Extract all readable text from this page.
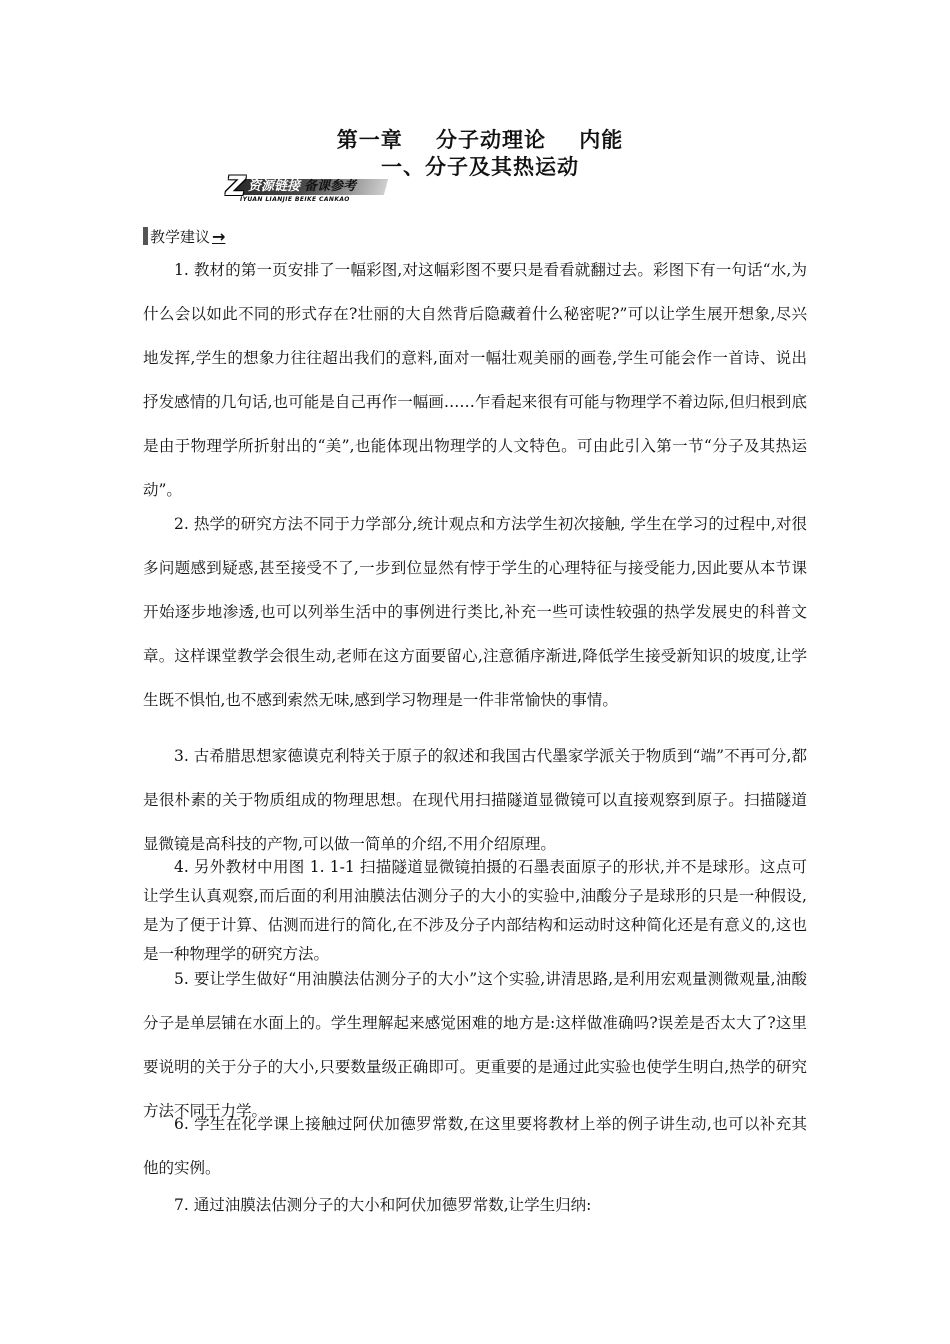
第一章    分子动理论    内能
一、分子及其热运动
Z 资源链接 备课参考
IYUAN LIANJIE BEIKE CANKAO
教学建议 →

1. 教材的第一页安排了一幅彩图,对这幅彩图不要只是看看就翻过去。彩图下有一句话“水,为什么会以如此不同的形式存在?壮丽的大自然背后隐藏着什么秘密呢?”可以让学生展开想象,尽兴地发挥,学生的想象力往往超出我们的意料,面对一幅壮观美丽的画卷,学生可能会作一首诗、说出抒发感情的几句话,也可能是自己再作一幅画……乍看起来很有可能与物理学不着边际,但归根到底是由于物理学所折射出的“美”,也能体现出物理学的人文特色。可由此引入第一节“分子及其热运动”。

2. 热学的研究方法不同于力学部分,统计观点和方法学生初次接触, 学生在学习的过程中,对很多问题感到疑惑,甚至接受不了,一步到位显然有悖于学生的心理特征与接受能力,因此要从本节课开始逐步地渗透,也可以列举生活中的事例进行类比,补充一些可读性较强的热学发展史的科普文章。这样课堂教学会很生动,老师在这方面要留心,注意循序渐进,降低学生接受新知识的坡度,让学生既不惧怕,也不感到索然无味,感到学习物理是一件非常愉快的事情。

3. 古希腊思想家德谟克利特关于原子的叙述和我国古代墨家学派关于物质到“端”不再可分,都是很朴素的关于物质组成的物理思想。在现代用扫描隧道显微镜可以直接观察到原子。扫描隧道显微镜是高科技的产物,可以做一简单的介绍,不用介绍原理。

4. 另外教材中用图 1. 1-1 扫描隧道显微镜拍摄的石墨表面原子的形状,并不是球形。这点可让学生认真观察,而后面的利用油膜法估测分子的大小的实验中,油酸分子是球形的只是一种假设,是为了便于计算、估测而进行的简化,在不涉及分子内部结构和运动时这种简化还是有意义的,这也是一种物理学的研究方法。

5. 要让学生做好“用油膜法估测分子的大小”这个实验,讲清思路,是利用宏观量测微观量,油酸分子是单层铺在水面上的。学生理解起来感觉困难的地方是:这样做准确吗?误差是否太大了?这里要说明的关于分子的大小,只要数量级正确即可。更重要的是通过此实验也使学生明白,热学的研究方法不同于力学。

6. 学生在化学课上接触过阿伏加德罗常数,在这里要将教材上举的例子讲生动,也可以补充其他的实例。

7. 通过油膜法估测分子的大小和阿伏加德罗常数,让学生归纳:
